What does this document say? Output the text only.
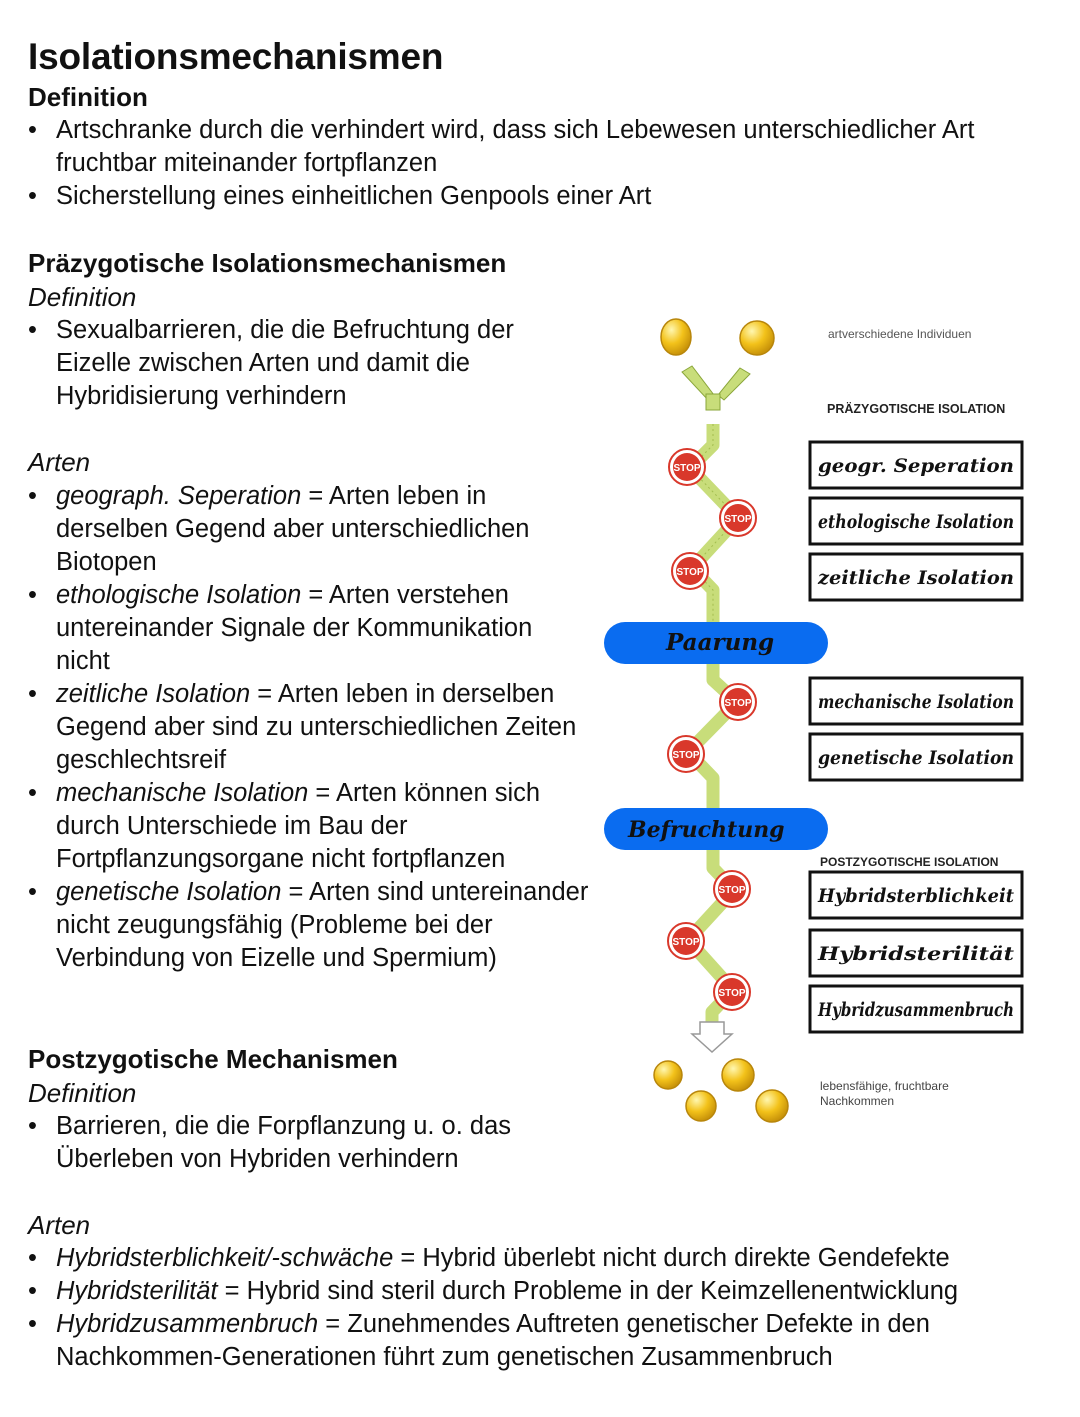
Isolationsmechanismen
Definition
• Artschranke durch die verhindert wird, dass sich Lebewesen unterschiedlicher Art fruchtbar miteinander fortpflanzen
• Sicherstellung eines einheitlichen Genpools einer Art
Präzygotische Isolationsmechanismen
Definition
• Sexualbarrieren, die die Befruchtung der Eizelle zwischen Arten und damit die Hybridisierung verhindern
Arten
• geograph. Seperation = Arten leben in derselben Gegend aber unterschiedlichen Biotopen
• ethologische Isolation = Arten verstehen untereinander Signale der Kommunikation nicht
• zeitliche Isolation = Arten leben in derselben Gegend aber sind zu unterschiedlichen Zeiten geschlechtsreif
• mechanische Isolation = Arten können sich durch Unterschiede im Bau der Fortpflanzungsorgane nicht fortpflanzen
• genetische Isolation = Arten sind untereinander nicht zeugungsfähig (Probleme bei der Verbindung von Eizelle und Spermium)
Postzygotische Mechanismen
Definition
• Barrieren, die die Forpflanzung u. o. das Überleben von Hybriden verhindern
Arten
• Hybridsterblichkeit/-schwäche = Hybrid überlebt nicht durch direkte Gendefekte
• Hybridsterilität = Hybrid sind steril durch Probleme in der Keimzellenentwicklung
• Hybridzusammenbruch = Zunehmendes Auftreten genetischer Defekte in den Nachkommen-Generationen führt zum genetischen Zusammenbruch
artverschiedene Individuen
PRÄZYGOTISCHE ISOLATION
STOP
STOP
STOP
Paarung
Befruchtung
POSTZYGOTISCHE ISOLATION
STOP
STOP
STOP
STOP
STOP
geogr. Seperation
ethologische Isolation
zeitliche Isolation
mechanische Isolation
genetische Isolation
Hybridsterblichkeit
Hybridsterilität
Hybridzusammenbruch
lebensfähige, fruchtbare
Nachkommen
